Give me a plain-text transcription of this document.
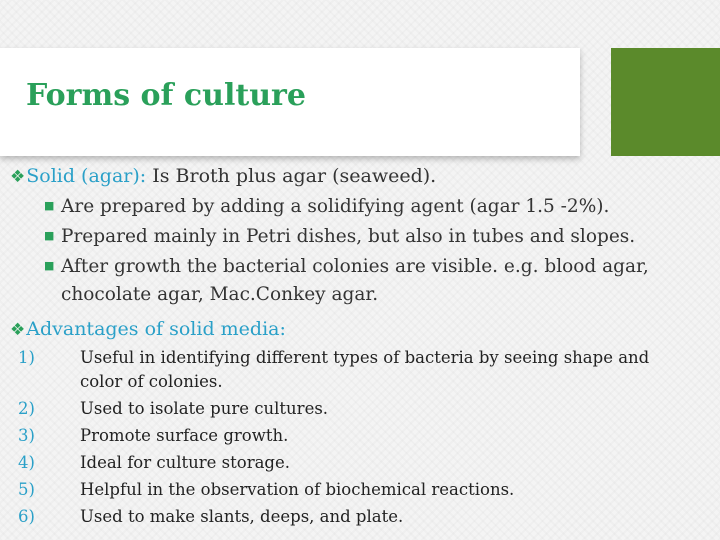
Forms of culture
❖Solid (agar): Is Broth plus agar (seaweed).
■ Are prepared by adding a solidifying agent (agar 1.5 -2%).
■ Prepared mainly in Petri dishes, but also in tubes and slopes.
■ After growth the bacterial colonies are visible. e.g. blood agar,
chocolate agar, Mac.Conkey agar.
❖Advantages of solid media:
1)	Useful in identifying different types of bacteria by seeing shape and
color of colonies.
2)	Used to isolate pure cultures.
3)	Promote surface growth.
4)	Ideal for culture storage.
5)	Helpful in the observation of biochemical reactions.
6)	Used to make slants, deeps, and plate.
